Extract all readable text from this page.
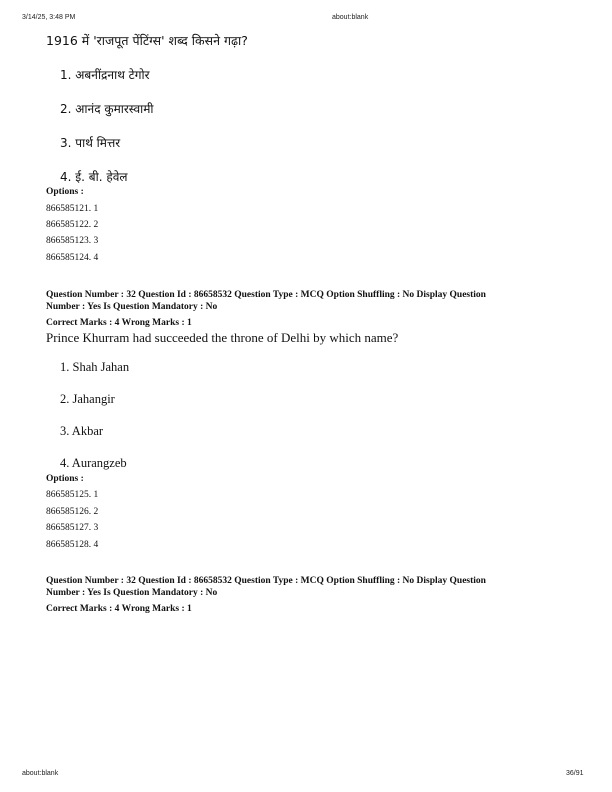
3/14/25, 3:48 PM	about:blank
1916 में 'राजपूत पेंटिंग्स' शब्द किसने गढ़ा?
1. अबनींद्रनाथ टेगोर
2. आनंद कुमारस्वामी
3. पार्थ मित्तर
4. ई. बी. हेवेल
Options :
866585121. 1
866585122. 2
866585123. 3
866585124. 4
Question Number : 32 Question Id : 86658532 Question Type : MCQ Option Shuffling : No Display Question
Number : Yes Is Question Mandatory : No
Correct Marks : 4 Wrong Marks : 1
Prince Khurram had succeeded the throne of Delhi by which name?
1. Shah Jahan
2. Jahangir
3. Akbar
4. Aurangzeb
Options :
866585125. 1
866585126. 2
866585127. 3
866585128. 4
Question Number : 32 Question Id : 86658532 Question Type : MCQ Option Shuffling : No Display Question
Number : Yes Is Question Mandatory : No
Correct Marks : 4 Wrong Marks : 1
about:blank	36/91
